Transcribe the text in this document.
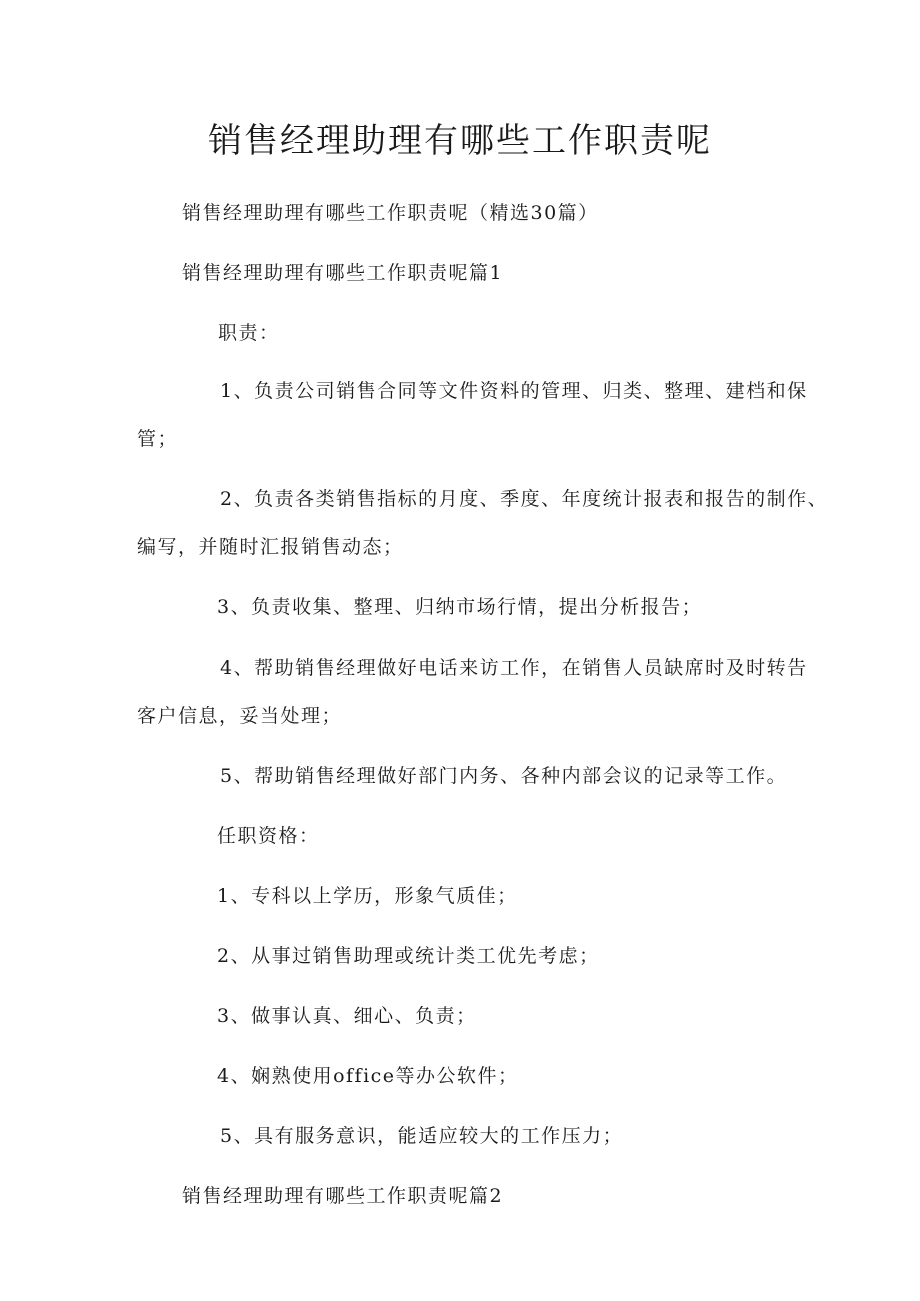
销售经理助理有哪些工作职责呢

销售经理助理有哪些工作职责呢（精选30篇）

销售经理助理有哪些工作职责呢篇1

职责：

1、负责公司销售合同等文件资料的管理、归类、整理、建档和保

管；

2、负责各类销售指标的月度、季度、年度统计报表和报告的制作、

编写，并随时汇报销售动态；

3、负责收集、整理、归纳市场行情，提出分析报告；

4、帮助销售经理做好电话来访工作，在销售人员缺席时及时转告

客户信息，妥当处理；

5、帮助销售经理做好部门内务、各种内部会议的记录等工作。

任职资格：

1、专科以上学历，形象气质佳；

2、从事过销售助理或统计类工优先考虑；

3、做事认真、细心、负责；

4、娴熟使用office等办公软件；

5、具有服务意识，能适应较大的工作压力；

销售经理助理有哪些工作职责呢篇2
